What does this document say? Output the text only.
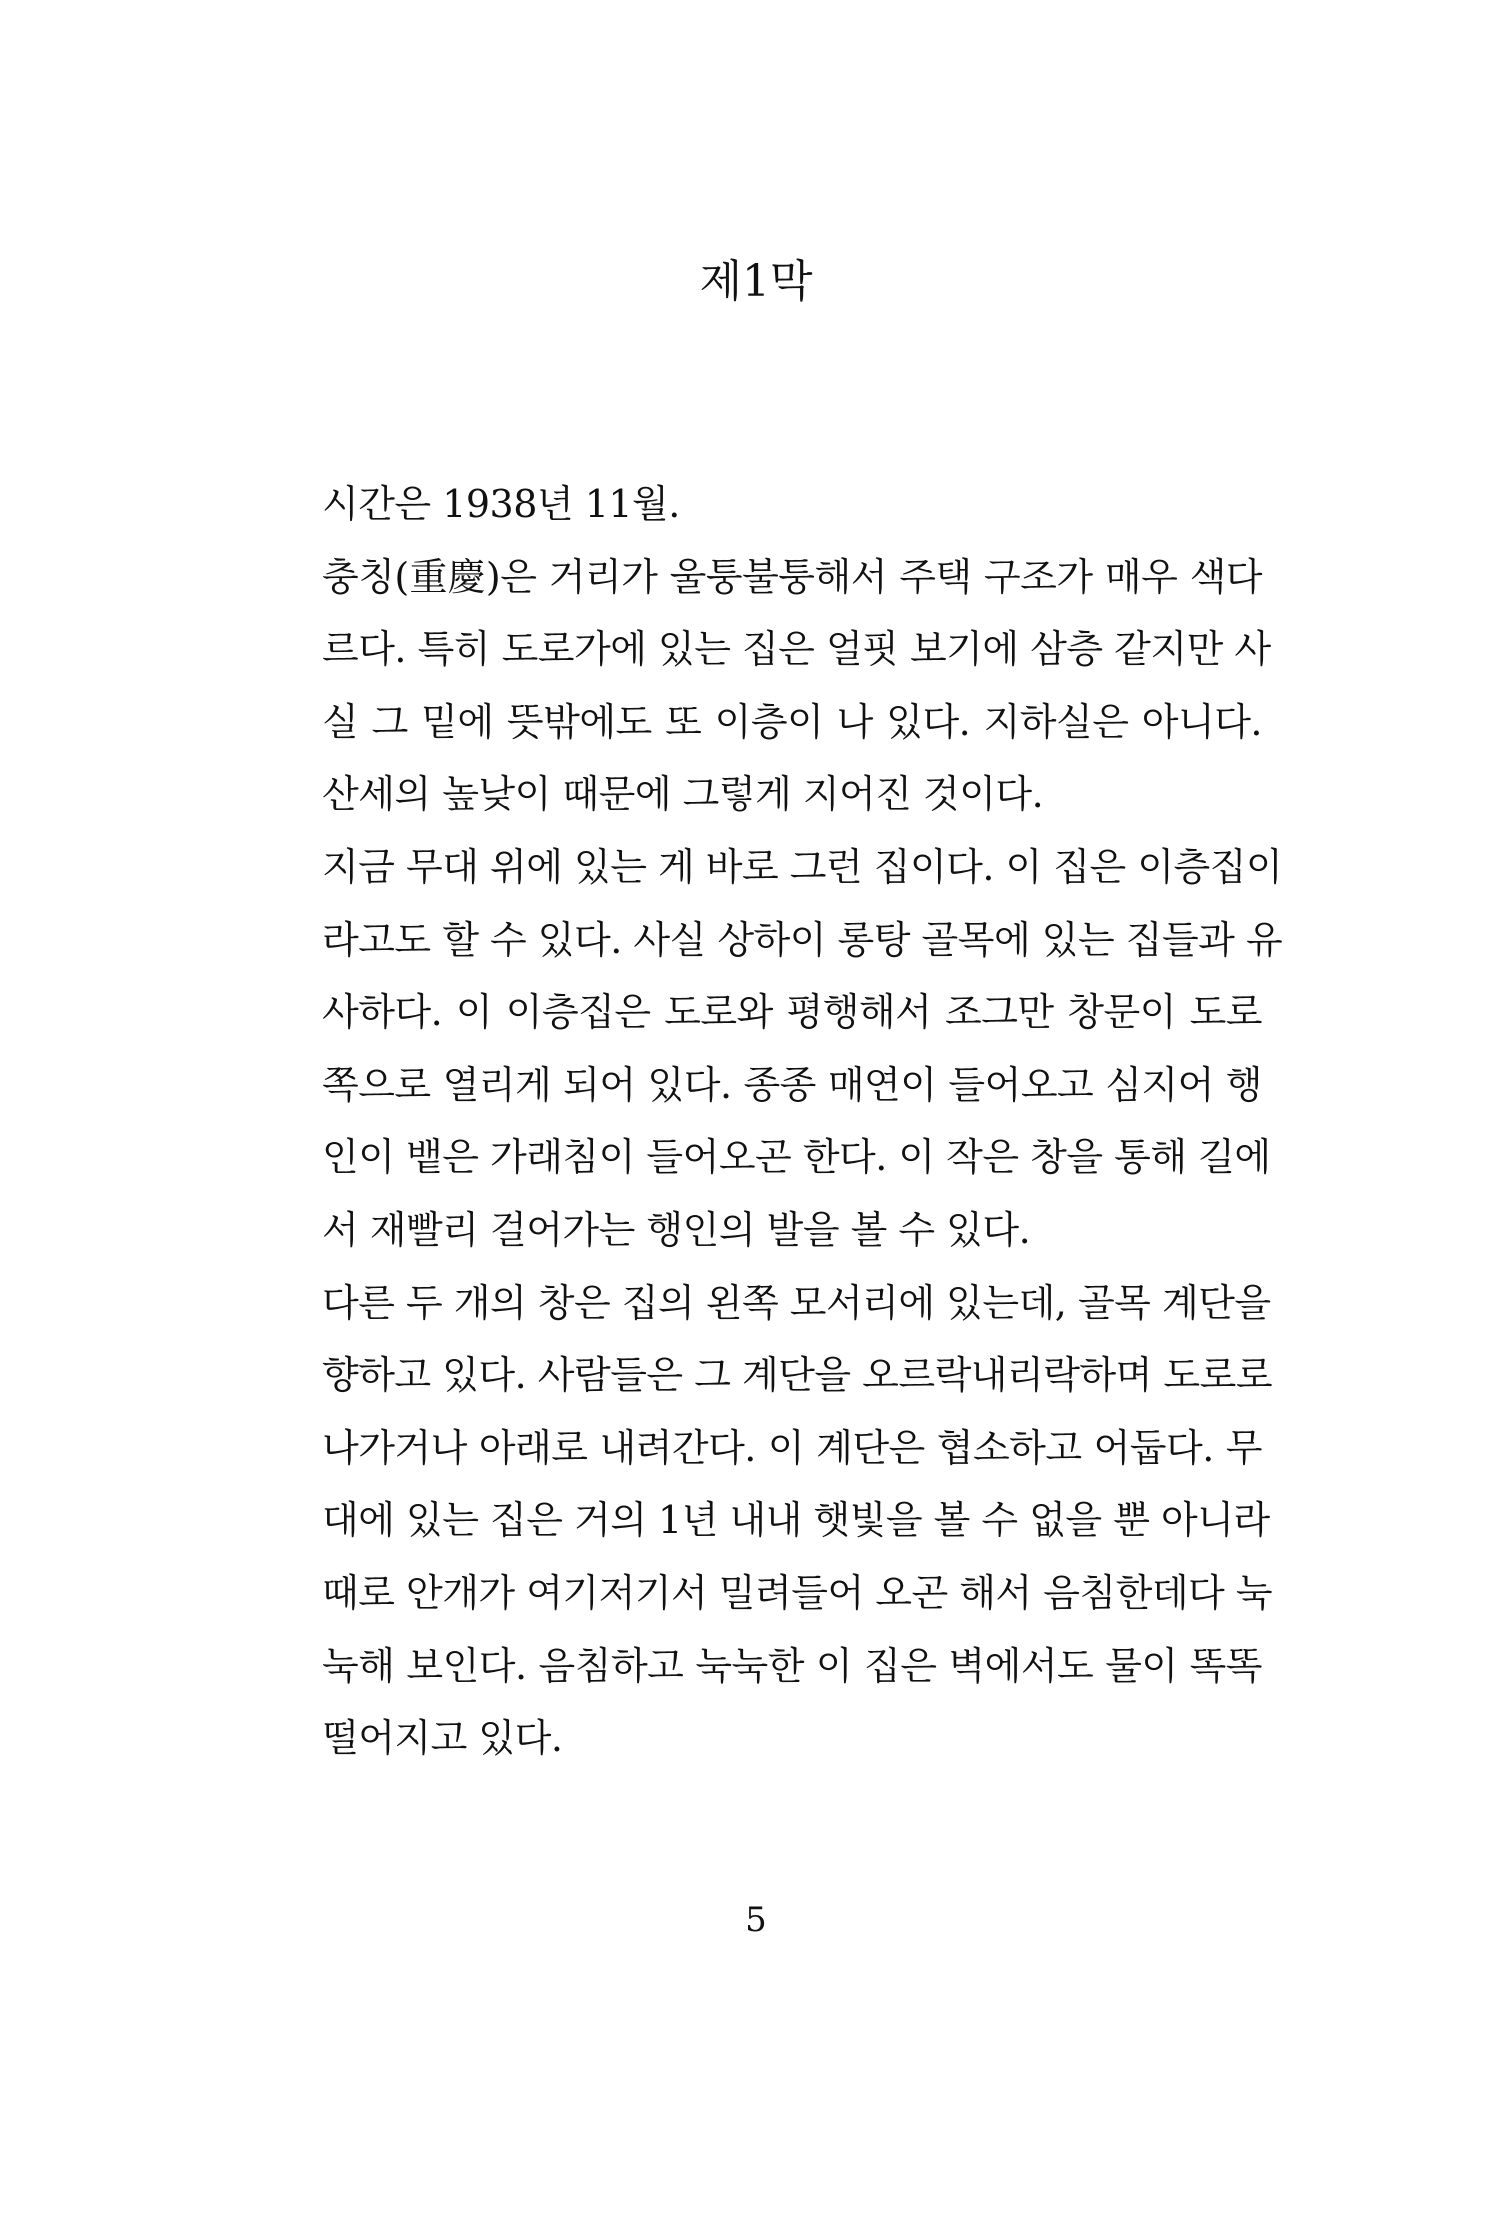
제1막
시간은 1938년 11월.
충칭(重慶)은 거리가 울퉁불퉁해서 주택 구조가 매우 색다
르다. 특히 도로가에 있는 집은 얼핏 보기에 삼층 같지만 사
실 그 밑에 뜻밖에도 또 이층이 나 있다. 지하실은 아니다.
산세의 높낮이 때문에 그렇게 지어진 것이다.
지금 무대 위에 있는 게 바로 그런 집이다. 이 집은 이층집이
라고도 할 수 있다. 사실 상하이 롱탕 골목에 있는 집들과 유
사하다. 이 이층집은 도로와 평행해서 조그만 창문이 도로
쪽으로 열리게 되어 있다. 종종 매연이 들어오고 심지어 행
인이 뱉은 가래침이 들어오곤 한다. 이 작은 창을 통해 길에
서 재빨리 걸어가는 행인의 발을 볼 수 있다.
다른 두 개의 창은 집의 왼쪽 모서리에 있는데, 골목 계단을
향하고 있다. 사람들은 그 계단을 오르락내리락하며 도로로
나가거나 아래로 내려간다. 이 계단은 협소하고 어둡다. 무
대에 있는 집은 거의 1년 내내 햇빛을 볼 수 없을 뿐 아니라
때로 안개가 여기저기서 밀려들어 오곤 해서 음침한데다 눅
눅해 보인다. 음침하고 눅눅한 이 집은 벽에서도 물이 똑똑
떨어지고 있다.
5
